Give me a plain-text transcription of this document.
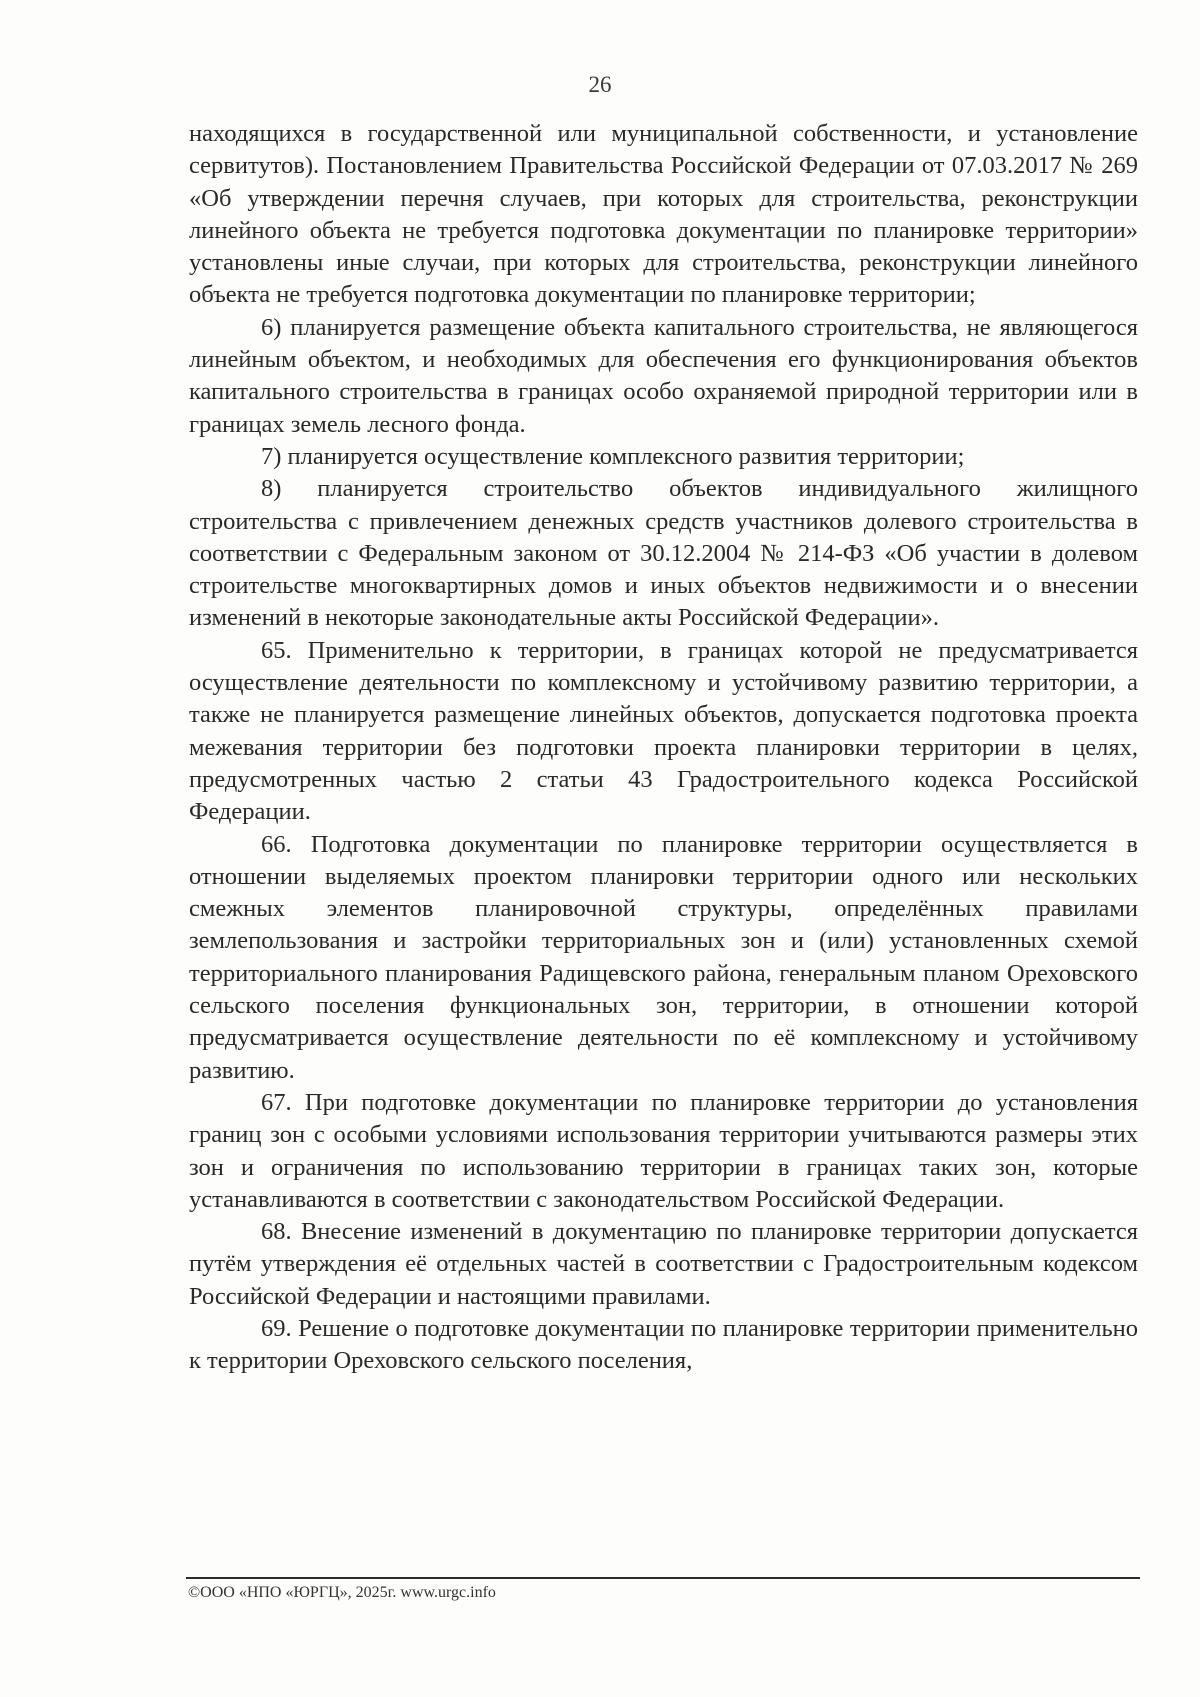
26

находящихся в государственной или муниципальной собственности, и установление сервитутов). Постановлением Правительства Российской Федерации от 07.03.2017 № 269 «Об утверждении перечня случаев, при которых для строительства, реконструкции линейного объекта не требуется подготовка документации по планировке территории» установлены иные случаи, при которых для строительства, реконструкции линейного объекта не требуется подготовка документации по планировке территории;

6) планируется размещение объекта капитального строительства, не являющегося линейным объектом, и необходимых для обеспечения его функционирования объектов капитального строительства в границах особо охраняемой природной территории или в границах земель лесного фонда.

7) планируется осуществление комплексного развития территории;

8) планируется строительство объектов индивидуального жилищного строительства с привлечением денежных средств участников долевого строительства в соответствии с Федеральным законом от 30.12.2004 № 214-ФЗ «Об участии в долевом строительстве многоквартирных домов и иных объектов недвижимости и о внесении изменений в некоторые законодательные акты Российской Федерации».

65. Применительно к территории, в границах которой не предусматривается осуществление деятельности по комплексному и устойчивому развитию территории, а также не планируется размещение линейных объектов, допускается подготовка проекта межевания территории без подготовки проекта планировки территории в целях, предусмотренных частью 2 статьи 43 Градостроительного кодекса Российской Федерации.

66. Подготовка документации по планировке территории осуществляется в отношении выделяемых проектом планировки территории одного или нескольких смежных элементов планировочной структуры, определённых правилами землепользования и застройки территориальных зон и (или) установленных схемой территориального планирования Радищевского района, генеральным планом Ореховского сельского поселения функциональных зон, территории, в отношении которой предусматривается осуществление деятельности по её комплексному и устойчивому развитию.

67. При подготовке документации по планировке территории до установления границ зон с особыми условиями использования территории учитываются размеры этих зон и ограничения по использованию территории в границах таких зон, которые устанавливаются в соответствии с законодательством Российской Федерации.

68. Внесение изменений в документацию по планировке территории допускается путём утверждения её отдельных частей в соответствии с Градостроительным кодексом Российской Федерации и настоящими правилами.

69. Решение о подготовке документации по планировке территории применительно к территории Ореховского сельского поселения,

©ООО «НПО «ЮРГЦ», 2025г. www.urgc.info
